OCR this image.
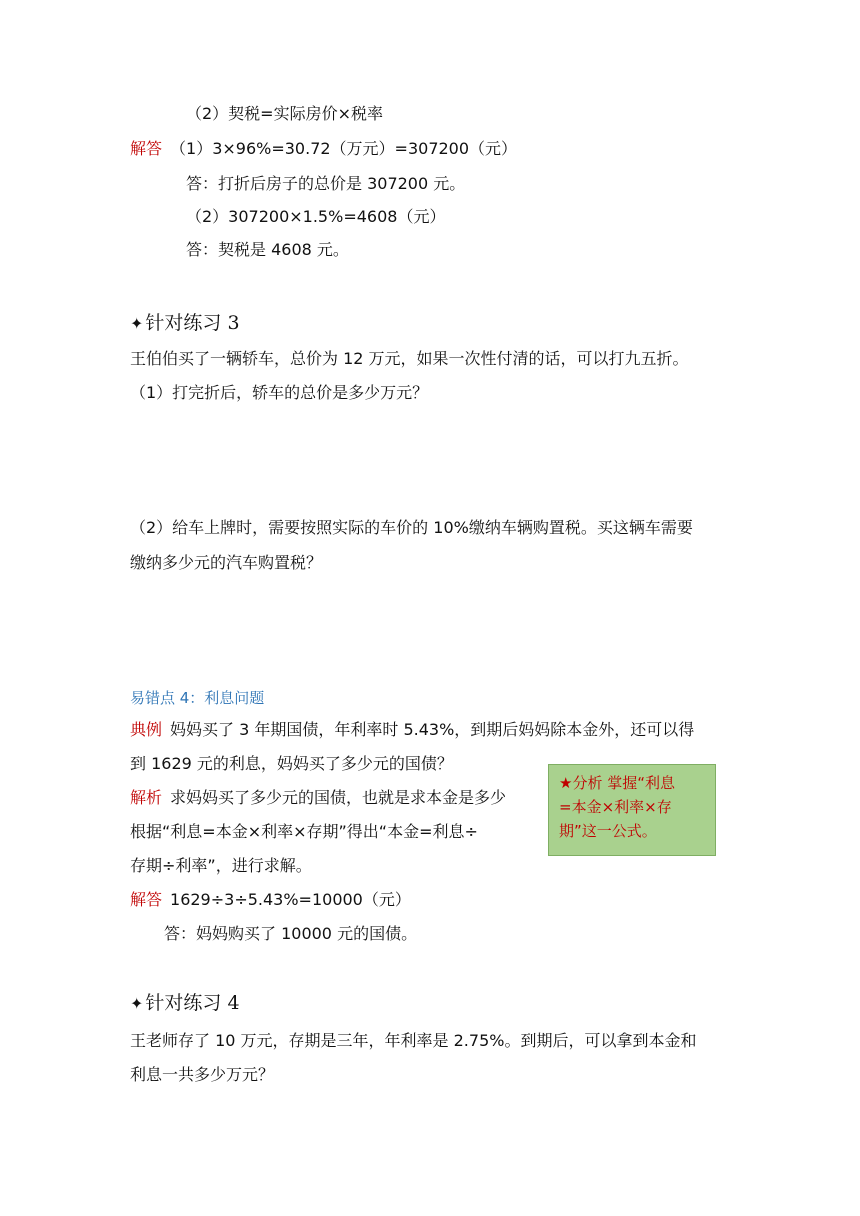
（2）契税=实际房价×税率
解答 （1）3×96%=30.72（万元）=307200（元）
答：打折后房子的总价是 307200 元。
（2）307200×1.5%=4608（元）
答：契税是 4608 元。
✦ 针对练习 3
王伯伯买了一辆轿车，总价为 12 万元，如果一次性付清的话，可以打九五折。
（1）打完折后，轿车的总价是多少万元？
（2）给车上牌时，需要按照实际的车价的 10%缴纳车辆购置税。买这辆车需要
缴纳多少元的汽车购置税？
易错点 4：利息问题
典例 妈妈买了 3 年期国债，年利率时 5.43%，到期后妈妈除本金外，还可以得
到 1629 元的利息，妈妈买了多少元的国债？
解析 求妈妈买了多少元的国债，也就是求本金是多少
根据“利息=本金×利率×存期”得出“本金=利息÷
存期÷利率”，进行求解。
解答 1629÷3÷5.43%=10000（元）
答：妈妈购买了 10000 元的国债。
★分析 掌握“利息
=本金×利率×存
期”这一公式。
✦ 针对练习 4
王老师存了 10 万元，存期是三年，年利率是 2.75%。到期后，可以拿到本金和
利息一共多少万元？
